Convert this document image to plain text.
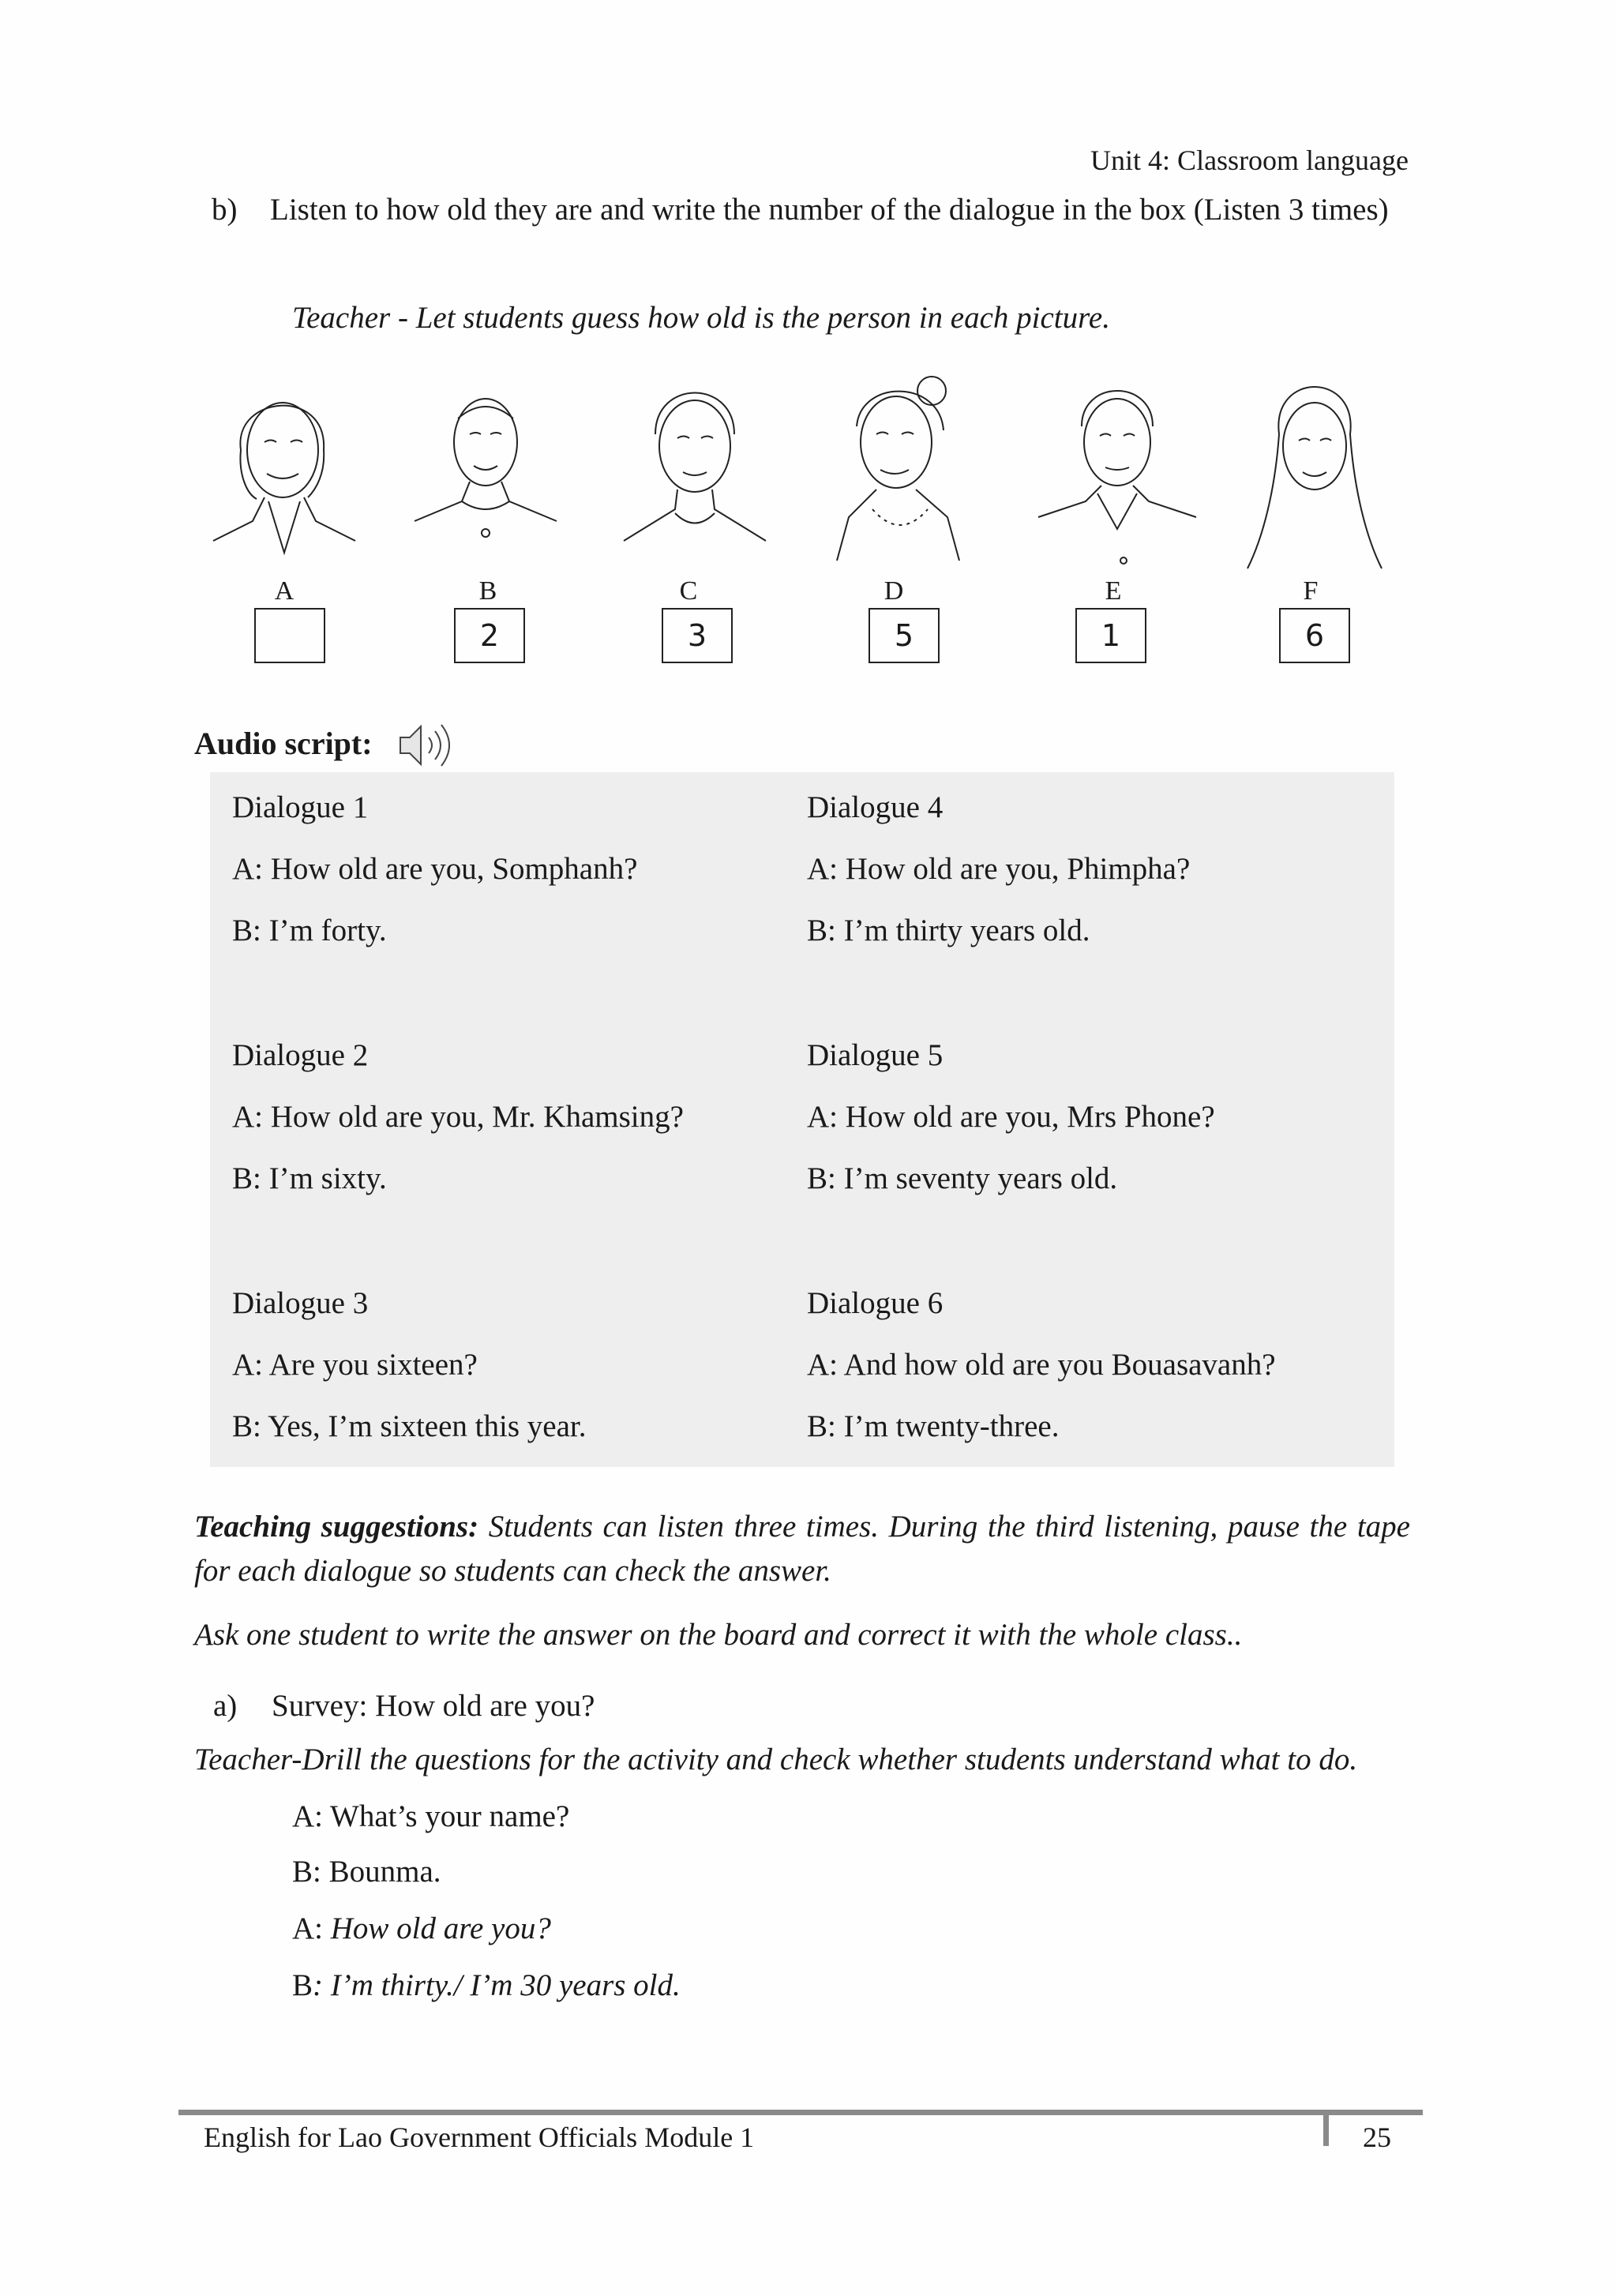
Unit 4: Classroom language
b) Listen to how old they are and write the number of the dialogue in the box (Listen 3 times)
Teacher - Let students guess how old is the person in each picture.
A	B
2
C
3
D
5
E
1
F
6
Audio script:
Dialogue 1
A: How old are you, Somphanh?
B: I’m forty.
Dialogue 2
A: How old are you, Mr. Khamsing?
B: I’m sixty.
Dialogue 3
A: Are you sixteen?
B: Yes, I’m sixteen this year.
Dialogue 4
A: How old are you, Phimpha?
B: I’m thirty years old.
Dialogue 5
A: How old are you, Mrs Phone?
B: I’m seventy years old.
Dialogue 6
A: And how old are you Bouasavanh?
B: I’m twenty-three.
Teaching suggestions: Students can listen three times. During the third listening, pause the tape for each dialogue so students can check the answer.
Ask one student to write the answer on the board and correct it with the whole class..
a) Survey: How old are you?
Teacher-Drill the questions for the activity and check whether students understand what to do.
A: What’s your name?
B: Bounma.
A: How old are you?
B: I’m thirty./ I’m 30 years old.
English for Lao Government Officials Module 1	25
